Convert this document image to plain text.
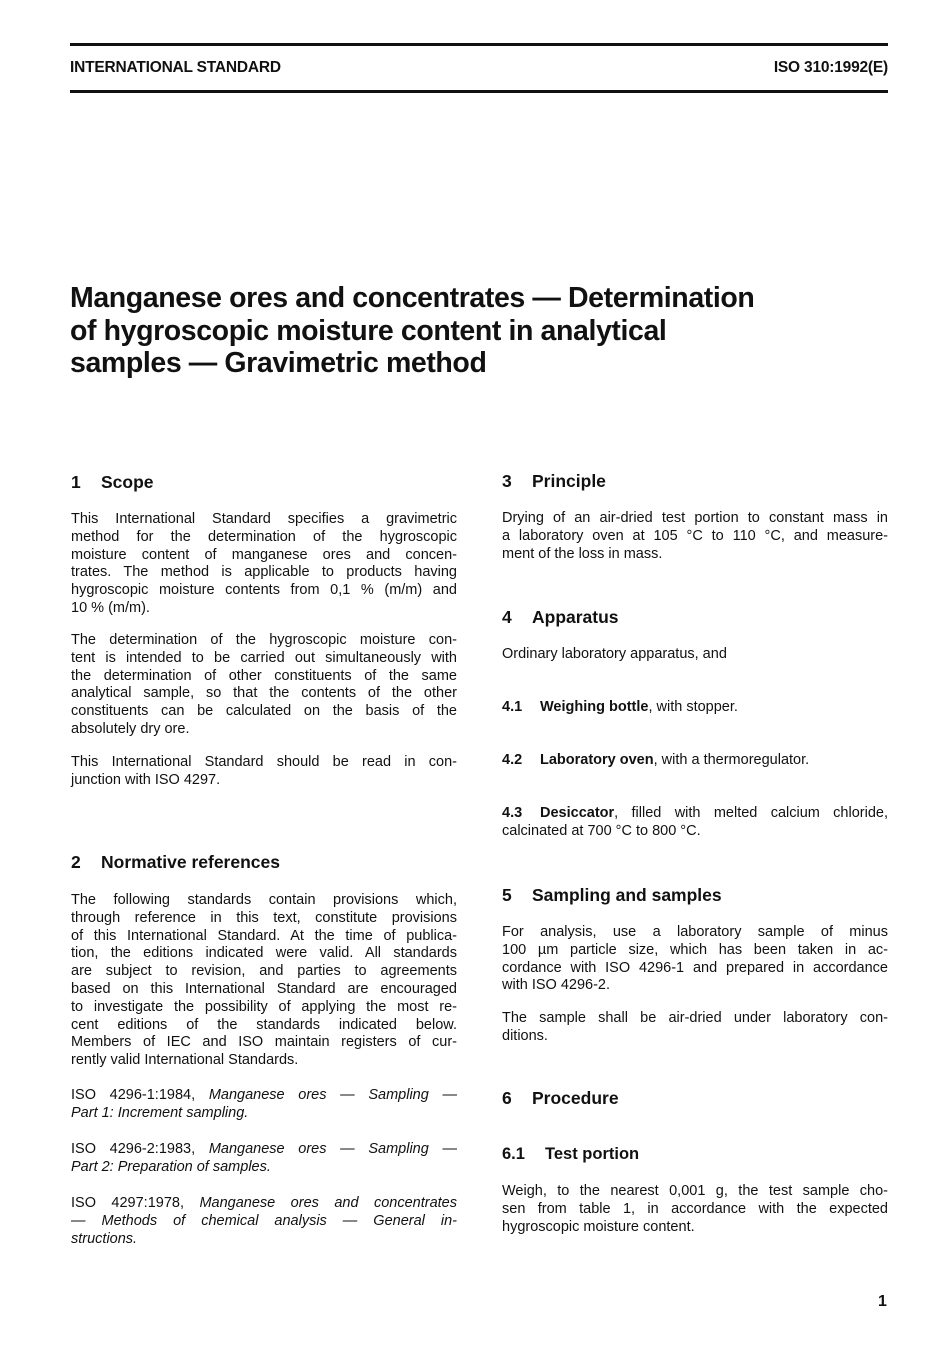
INTERNATIONAL STANDARD	ISO 310:1992(E)
Manganese ores and concentrates — Determination
of hygroscopic moisture content in analytical
samples — Gravimetric method
1 Scope

This International Standard specifies a gravimetric
method for the determination of the hygroscopic
moisture content of manganese ores and concen-
trates. The method is applicable to products having
hygroscopic moisture contents from 0,1 % (m/m) and
10 % (m/m).

The determination of the hygroscopic moisture con-
tent is intended to be carried out simultaneously with
the determination of other constituents of the same
analytical sample, so that the contents of the other
constituents can be calculated on the basis of the
absolutely dry ore.

This International Standard should be read in con-
junction with ISO 4297.

2 Normative references

The following standards contain provisions which,
through reference in this text, constitute provisions
of this International Standard. At the time of publica-
tion, the editions indicated were valid. All standards
are subject to revision, and parties to agreements
based on this International Standard are encouraged
to investigate the possibility of applying the most re-
cent editions of the standards indicated below.
Members of IEC and ISO maintain registers of cur-
rently valid International Standards.

ISO 4296-1:1984, Manganese ores — Sampling —
Part 1: Increment sampling.

ISO 4296-2:1983, Manganese ores — Sampling —
Part 2: Preparation of samples.

ISO 4297:1978, Manganese ores and concentrates
— Methods of chemical analysis — General in-
structions.

3 Principle

Drying of an air-dried test portion to constant mass in
a laboratory oven at 105 °C to 110 °C, and measure-
ment of the loss in mass.

4 Apparatus

Ordinary laboratory apparatus, and

4.1 Weighing bottle, with stopper.

4.2 Laboratory oven, with a thermoregulator.

4.3 Desiccator, filled with melted calcium chloride,
calcinated at 700 °C to 800 °C.

5 Sampling and samples

For analysis, use a laboratory sample of minus
100 µm particle size, which has been taken in ac-
cordance with ISO 4296-1 and prepared in accordance
with ISO 4296-2.

The sample shall be air-dried under laboratory con-
ditions.

6 Procedure
6.1 Test portion

Weigh, to the nearest 0,001 g, the test sample cho-
sen from table 1, in accordance with the expected
hygroscopic moisture content.

1
